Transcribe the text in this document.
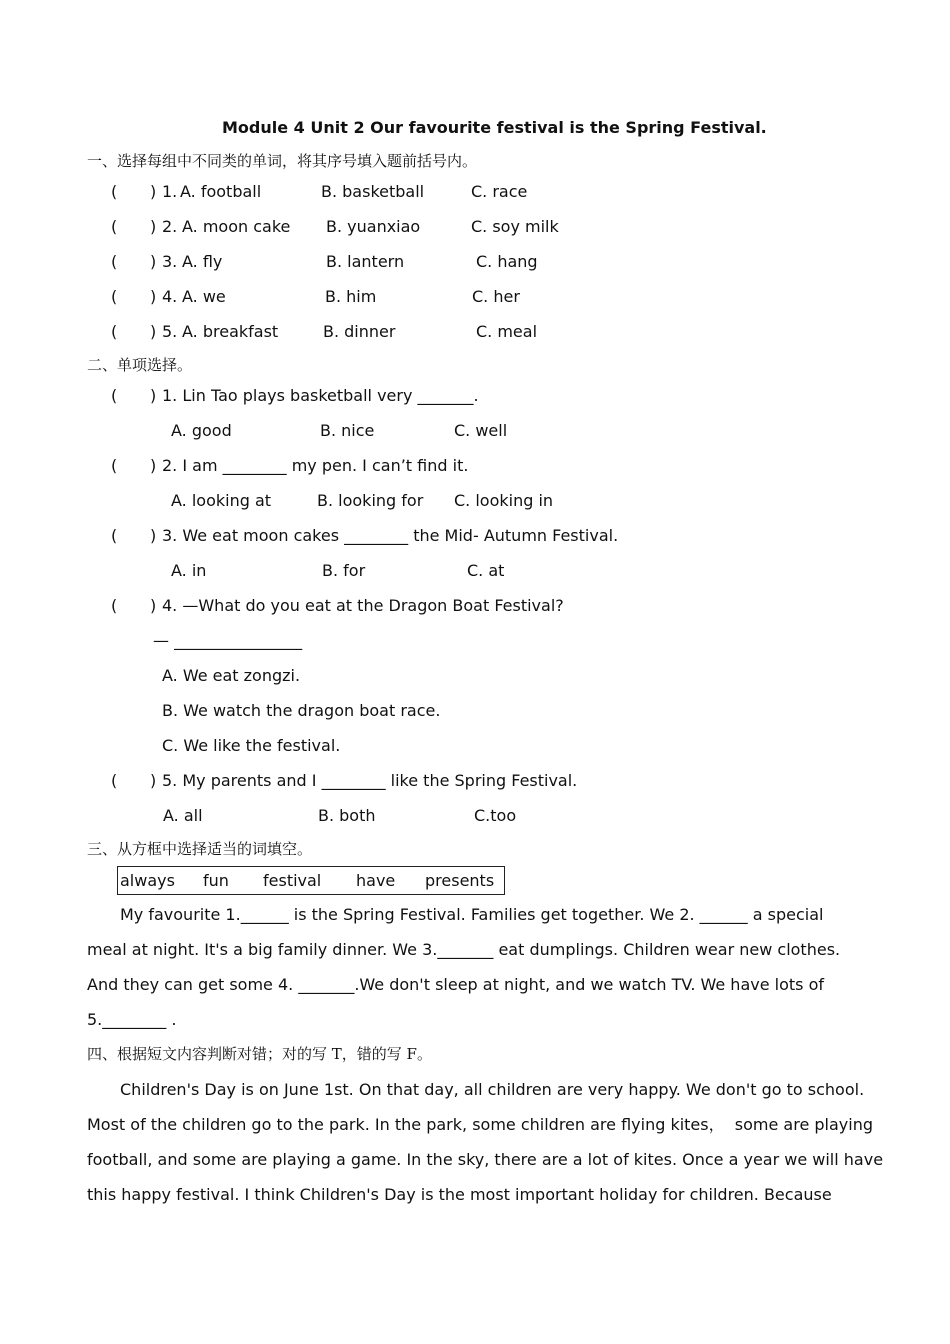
Module 4 Unit 2 Our favourite festival is the Spring Festival.
一、选择每组中不同类的单词，将其序号填入题前括号内。
( ) 1.
A. football	B. basketball	C. race
( ) 2. A. moon cake B. yuanxiao	C. soy milk
( ) 3. A. fly	B. lantern	C. hang
( ) 4. A. we	B. him	C. her
( ) 5. A. breakfast	B. dinner	C. meal
二、单项选择。
( ) 1. Lin Tao plays basketball very _______.
A. good	B. nice	C. well
( ) 2. I am ________ my pen. I can’t find it.
A. looking at	B. looking for C. looking in
( ) 3. We eat moon cakes ________ the Mid- Autumn Festival.
A. in	B. for	C. at
( ) 4. —What do you eat at the Dragon Boat Festival?
— ________________
A. We eat zongzi.
B. We watch the dragon boat race.
C. We like the festival.
( ) 5. My parents and I ________ like the Spring Festival.
A. all	B. both	C.too
三、从方框中选择适当的词填空。
always fun festival have presents
My favourite 1.______ is the Spring Festival. Families get together. We 2. ______ a special
meal at night. It's a big family dinner. We 3._______ eat dumplings. Children wear new clothes.
And they can get some 4. _______.We don't sleep at night, and we watch TV. We have lots of
5.________ .
四、根据短文内容判断对错；对的写 T，错的写 F。
Children's Day is on June 1st. On that day, all children are very happy. We don't go to school.
Most of the children go to the park. In the park, some children are flying kites，  some are playing
football, and some are playing a game. In the sky, there are a lot of kites. Once a year we will have
this happy festival. I think Children's Day is the most important holiday for children. Because
